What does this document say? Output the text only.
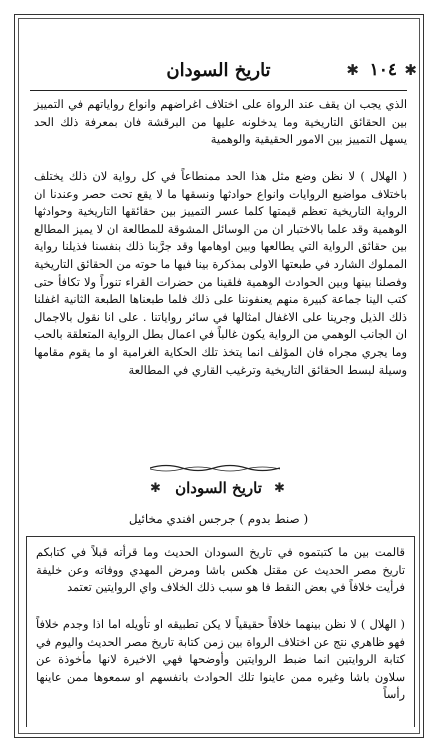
✱
١٠٤
✱
تاريخ السودان
الذي يجب ان يقف عند الرواة على اختلاف اغراضهم وانواع رواياتهم في التمييز بين الحقائق التاريخية وما يدخلونه عليها من البرقشة فان بمعرفة ذلك الحد يسهل التمييز بين الامور الحقيقية والوهمية
( الهلال ) لا نظن وضع مثل هذا الحد ممنطاعاً في كل رواية لان ذلك يختلف باختلاف مواضيع الروايات وانواع حوادثها ونسقها ما لا يقع تحت حصر وعندنا ان الرواية التاريخية تعظم قيمتها كلما عسر التمييز بين حقائقها التاريخية وحوادثها الوهمية وقد علما بالاختبار ان من الوسائل المشوقة للمطالعة ان لا يميز المطالع بين حقائق الرواية التي يطالعها وبين اوهامها وقد جرَّبنا ذلك بنفسنا فذيلنا رواية المملوك الشارد في طبعتها الاولى بمذكرة بينا فيها ما حوته من الحقائق التاريخية وفصلنا بينها وبين الحوادث الوهمية فلقينا من حضرات القراء تنوراً ولا تكافأ حتى كتب الينا جماعة كبيرة منهم يعنفوننا على ذلك فلما طبعناها الطبعة الثانية اغفلنا ذلك الذيل وجرينا على الاغفال امثالها في سائر رواياتنا . على انا نقول بالاجمال ان الجانب الوهمي من الرواية يكون غالباً في اعمال بطل الرواية المتعلقة بالحب وما يجري مجراه فان المؤلف انما يتخذ تلك الحكاية الغرامية او ما يقوم مقامها وسيلة لبسط الحقائق التاريخية وترغيب القاري في المطالعة
✱ تاريخ السودان ✱
( صنط بدوم ) جرجس افندي مخائيل
قالمت بين ما كتبتموه في تاريخ السودان الحديث وما قرأته قبلاً في كتابكم تاريخ مصر الحديث عن مقتل هكس باشا ومرض المهدي ووفاته وعن خليفة فرأيت خلافاً في بعض النقط فا هو سبب ذلك الخلاف واي الروايتين تعتمد
( الهلال ) لا نظن بينهما خلافاً حقيقياً لا يكن تطبيقه او تأويله اما اذا وجدم خلافاً فهو ظاهري نتج عن اختلاف الرواة بين زمن كتابة تاريخ مصر الحديث واليوم في كتابة الروايتين انما ضبط الروايتين وأوضحها فهي الاخيرة لانها مأخوذة عن سلاون باشا وغيره ممن عاينوا تلك الحوادث بانفسهم او سمعوها ممن عاينها رأساً
